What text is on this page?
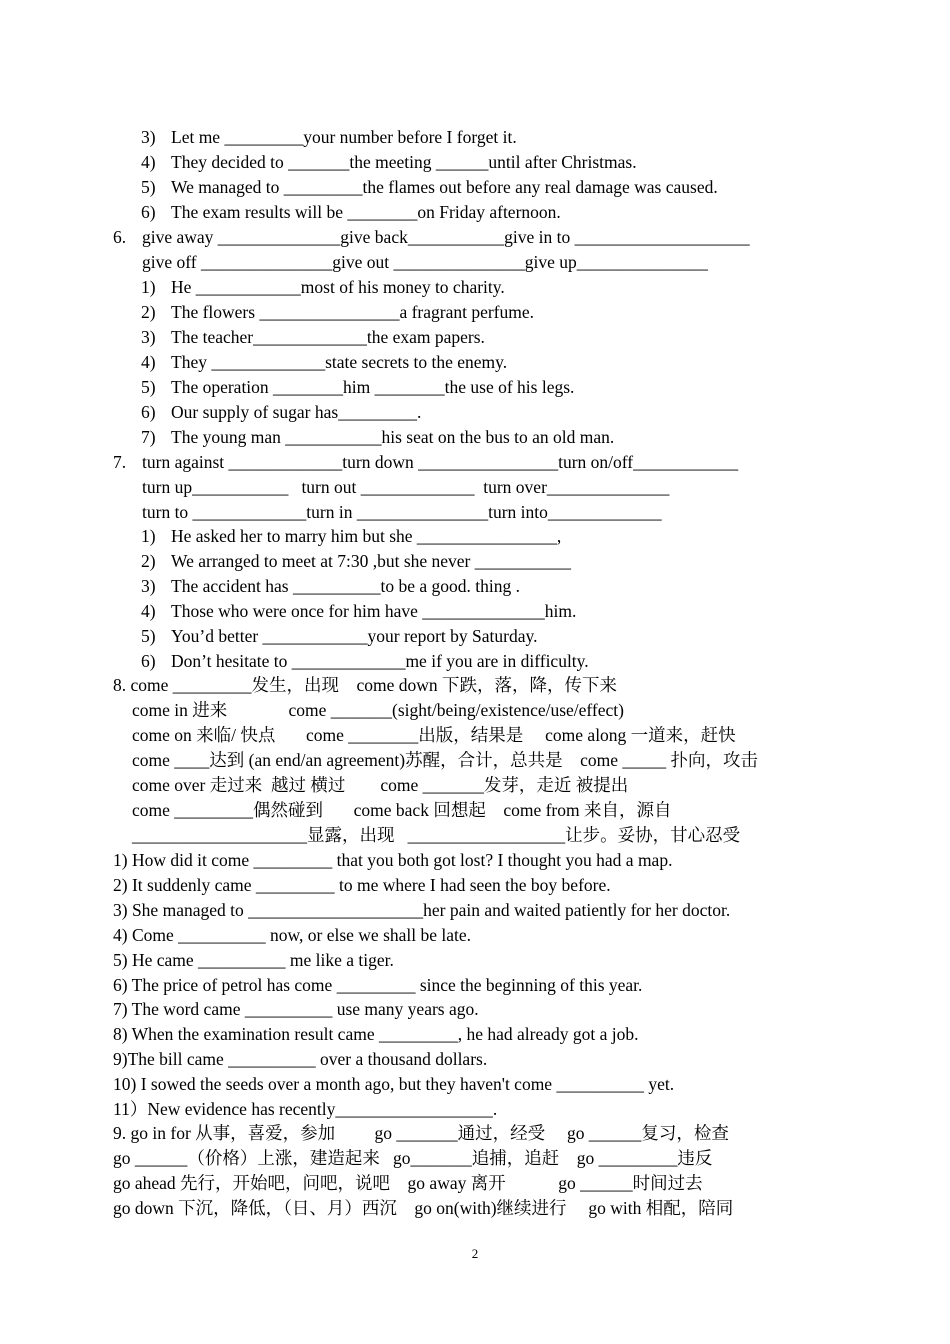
3) Let me _________your number before I forget it.
4) They decided to _______the meeting ______until after Christmas.
5) We managed to _________the flames out before any real damage was caused.
6) The exam results will be ________on Friday afternoon.
6. give away ______________give back___________give in to ____________________
give off _______________give out _______________give up_______________
1) He ____________most of his money to charity.
2) The flowers ________________a fragrant perfume.
3) The teacher_____________the exam papers.
4) They _____________state secrets to the enemy.
5) The operation ________him ________the use of his legs.
6) Our supply of sugar has_________.
7) The young man ___________his seat on the bus to an old man.
7. turn against _____________turn down ________________turn on/off____________
turn up___________   turn out _____________  turn over______________
turn to _____________turn in _______________turn into_____________
1) He asked her to marry him but she ________________,
2) We arranged to meet at 7:30 ,but she never ___________
3) The accident has __________to be a good. thing .
4) Those who were once for him have ______________him.
5) You’d better ____________your report by Saturday.
6) Don’t hesitate to _____________me if you are in difficulty.
8. come _________发生，出现    come down 下跌，落，降，传下来
come in 进来              come _______(sight/being/existence/use/effect)
come on 来临/ 快点       come ________出版，结果是     come along 一道来，赶快
come ____达到 (an end/an agreement)苏醒，合计，总共是    come _____ 扑向，攻击
come over 走过来  越过 横过        come _______发芽，走近 被提出
come _________偶然碰到       come back 回想起    come from 来自，源自
____________________显露，出现   __________________让步。妥协，甘心忍受
1) How did it come _________ that you both got lost? I thought you had a map.
2) It suddenly came _________ to me where I had seen the boy before.
3) She managed to ____________________her pain and waited patiently for her doctor.
4) Come __________ now, or else we shall be late.
5) He came __________ me like a tiger.
6) The price of petrol has come _________ since the beginning of this year.
7) The word came __________ use many years ago.
8) When the examination result came _________, he had already got a job.
9)The bill came __________ over a thousand dollars.
10) I sowed the seeds over a month ago, but they haven't come __________ yet.
11）New evidence has recently__________________.
9. go in for 从事，喜爱，参加         go _______通过，经受     go ______复习，检查
go ______（价格）上涨，建造起来   go_______追捕，追赶    go _________违反
go ahead 先行，开始吧，问吧，说吧    go away 离开            go ______时间过去
go down 下沉，降低，（日、月）西沉    go on(with)继续进行     go with 相配，陪同
2
